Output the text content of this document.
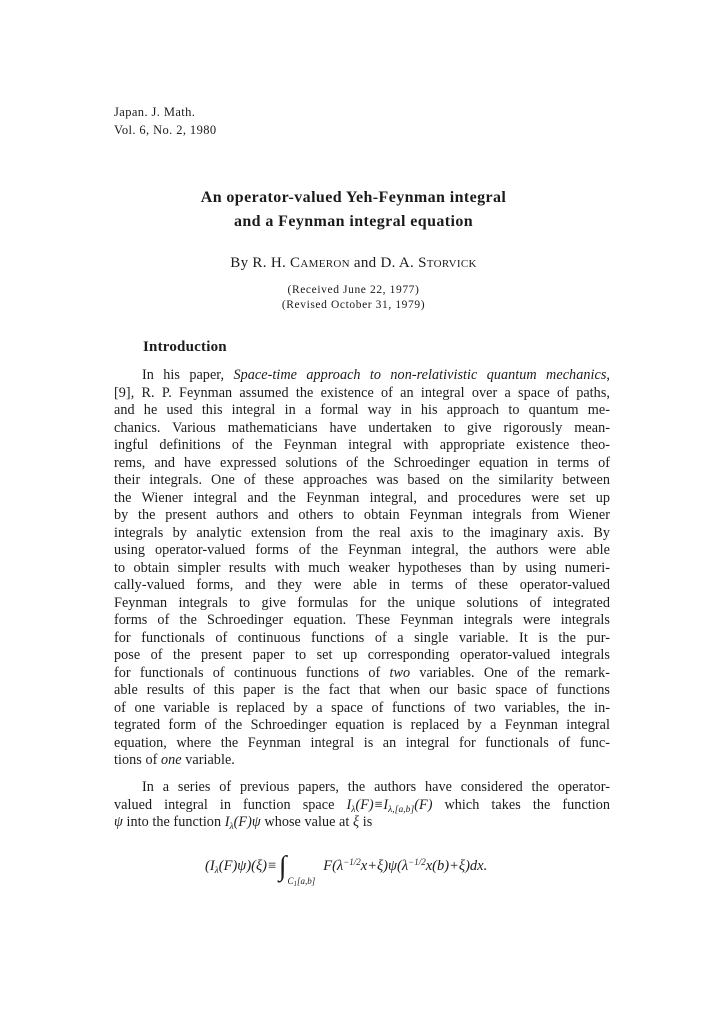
Japan. J. Math.
Vol. 6, No. 2, 1980
An operator-valued Yeh-Feynman integral
and a Feynman integral equation
By R. H. Cameron and D. A. Storvick
(Received June 22, 1977)
(Revised October 31, 1979)
Introduction
In his paper, Space-time approach to non-relativistic quantum mechanics,
[9], R. P. Feynman assumed the existence of an integral over a space of paths,
and he used this integral in a formal way in his approach to quantum me-
chanics. Various mathematicians have undertaken to give rigorously mean-
ingful definitions of the Feynman integral with appropriate existence theo-
rems, and have expressed solutions of the Schroedinger equation in terms of
their integrals. One of these approaches was based on the similarity between
the Wiener integral and the Feynman integral, and procedures were set up
by the present authors and others to obtain Feynman integrals from Wiener
integrals by analytic extension from the real axis to the imaginary axis. By
using operator-valued forms of the Feynman integral, the authors were able
to obtain simpler results with much weaker hypotheses than by using numeri-
cally-valued forms, and they were able in terms of these operator-valued
Feynman integrals to give formulas for the unique solutions of integrated
forms of the Schroedinger equation. These Feynman integrals were integrals
for functionals of continuous functions of a single variable. It is the pur-
pose of the present paper to set up corresponding operator-valued integrals
for functionals of continuous functions of two variables. One of the remark-
able results of this paper is the fact that when our basic space of functions
of one variable is replaced by a space of functions of two variables, the in-
tegrated form of the Schroedinger equation is replaced by a Feynman integral
equation, where the Feynman integral is an integral for functionals of func-
tions of one variable.
In a series of previous papers, the authors have considered the operator-
valued integral in function space $I_\lambda(F)\equiv I_{\lambda,[a,b]}(F)$ which takes the function
ψ into the function $I_\lambda(F)\psi$ whose value at ξ is
$(I_\lambda(F)\psi)(\xi)\equiv\int_{C_1[a,b]}F(\lambda^{-1/2}x+\xi)\psi(\lambda^{-1/2}x(b)+\xi)dx$.
